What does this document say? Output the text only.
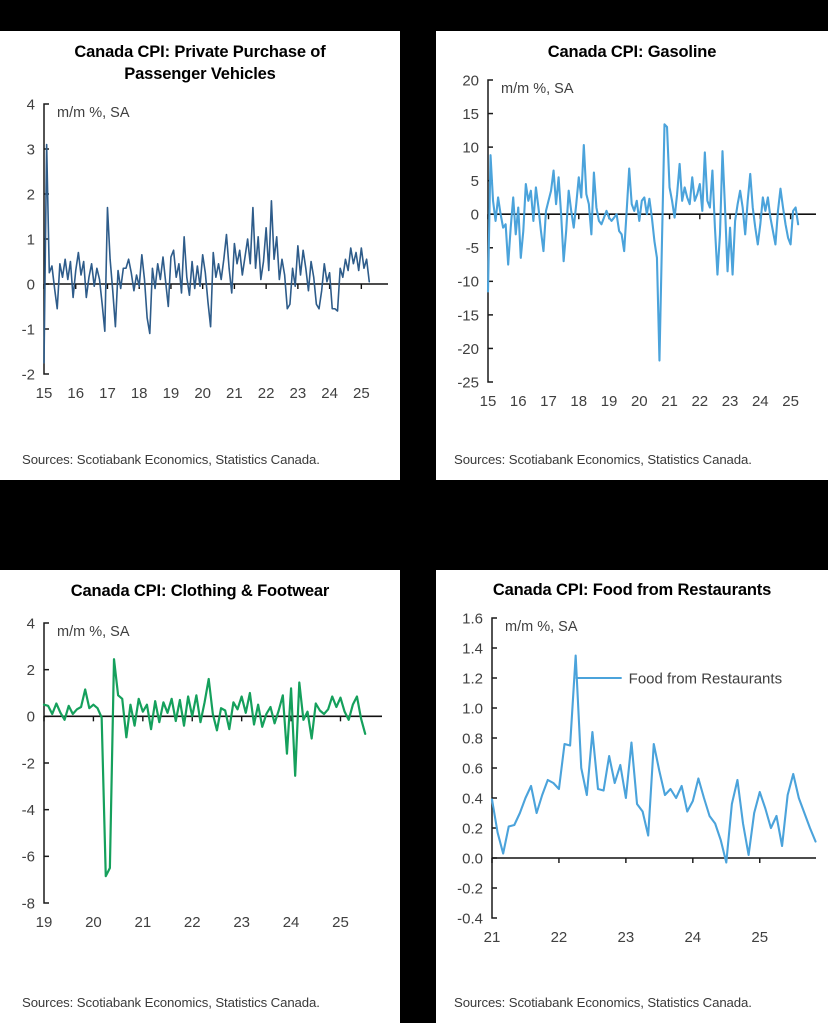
Canada CPI: Private Purchase of
Passenger Vehicles
-2
-1
0
1
2
3
4
15 16 17 18 19 20 21 22 23 24 25
m/m %, SA
Sources: Scotiabank Economics, Statistics Canada.
Canada CPI: Gasoline
-25
-20
-15
-10
-5
0
5
10
15
20
15 16 17 18 19 20 21 22 23 24 25
m/m %, SA
Sources: Scotiabank Economics, Statistics Canada.
Canada CPI: Clothing & Footwear
-8
-6
-4
-2
0
2
4
19 20 21 22 23 24 25
m/m %, SA
Sources: Scotiabank Economics, Statistics Canada.
Canada CPI: Food from Restaurants
-0.4
-0.2
0.0
0.2
0.4
0.6
0.8
1.0
1.2
1.4
1.6
21	22	23	24	25
m/m %, SA
Food from Restaurants
Sources: Scotiabank Economics, Statistics Canada.
